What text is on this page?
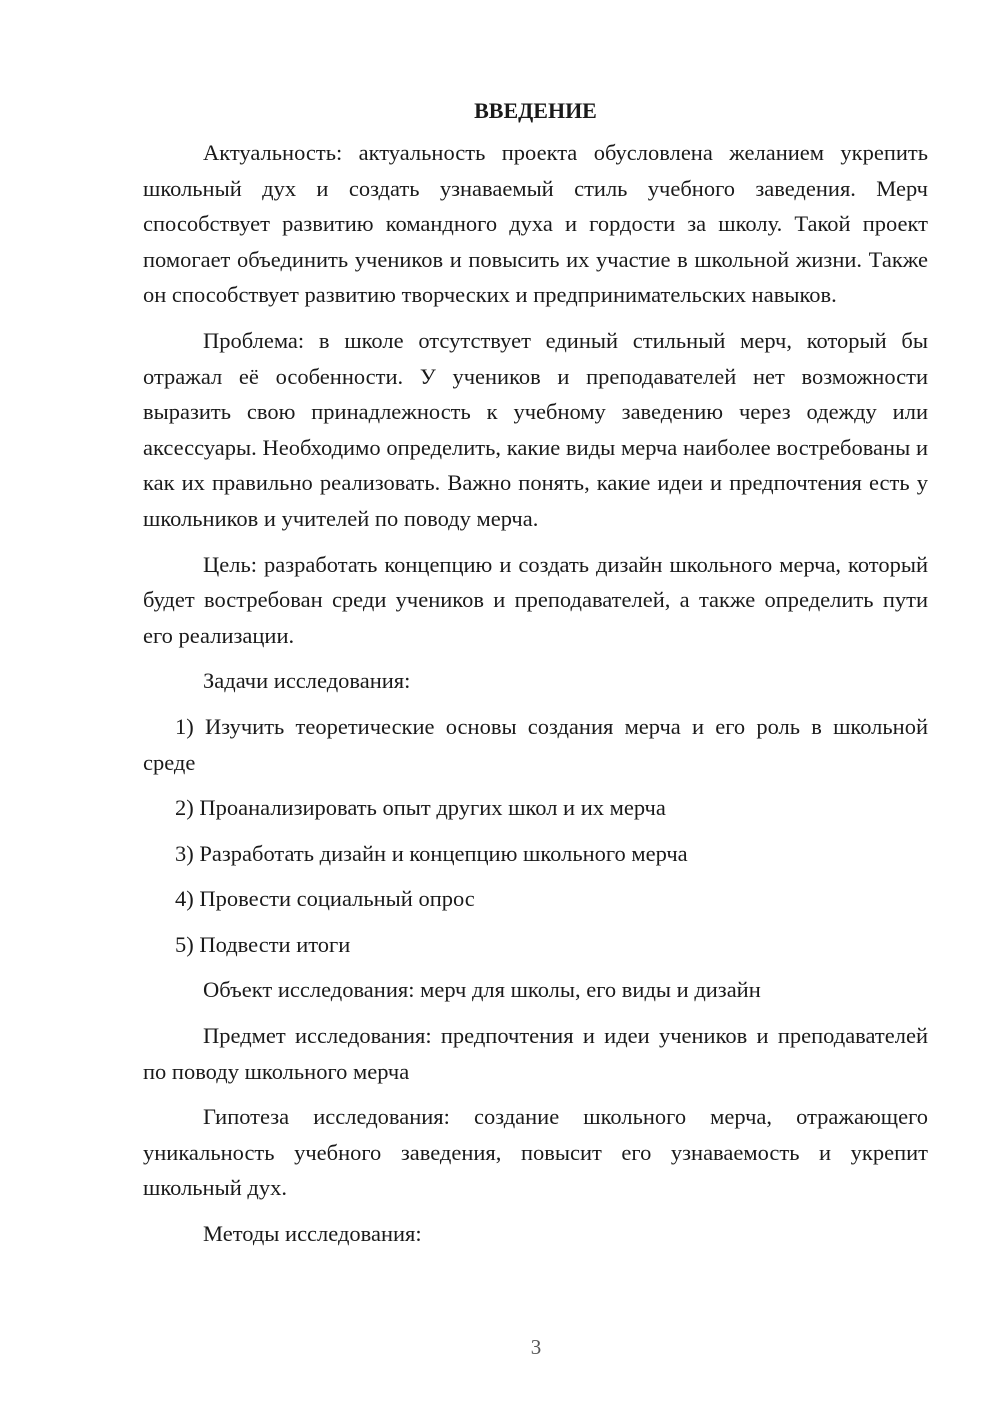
ВВЕДЕНИЕ

Актуальность: актуальность проекта обусловлена желанием укрепить школьный дух и создать узнаваемый стиль учебного заведения. Мерч способствует развитию командного духа и гордости за школу. Такой проект помогает объединить учеников и повысить их участие в школьной жизни. Также он способствует развитию творческих и предпринимательских навыков.

Проблема: в школе отсутствует единый стильный мерч, который бы отражал её особенности. У учеников и преподавателей нет возможности выразить свою принадлежность к учебному заведению через одежду или аксессуары. Необходимо определить, какие виды мерча наиболее востребованы и как их правильно реализовать. Важно понять, какие идеи и предпочтения есть у школьников и учителей по поводу мерча.

Цель: разработать концепцию и создать дизайн школьного мерча, который будет востребован среди учеников и преподавателей, а также определить пути его реализации.

Задачи исследования:

1) Изучить теоретические основы создания мерча и его роль в школьной среде

2) Проанализировать опыт других школ и их мерча

3) Разработать дизайн и концепцию школьного мерча

4) Провести социальный опрос

5) Подвести итоги

Объект исследования: мерч для школы, его виды и дизайн

Предмет исследования: предпочтения и идеи учеников и преподавателей по поводу школьного мерча

Гипотеза исследования: создание школьного мерча, отражающего уникальность учебного заведения, повысит его узнаваемость и укрепит школьный дух.

Методы исследования:

3
